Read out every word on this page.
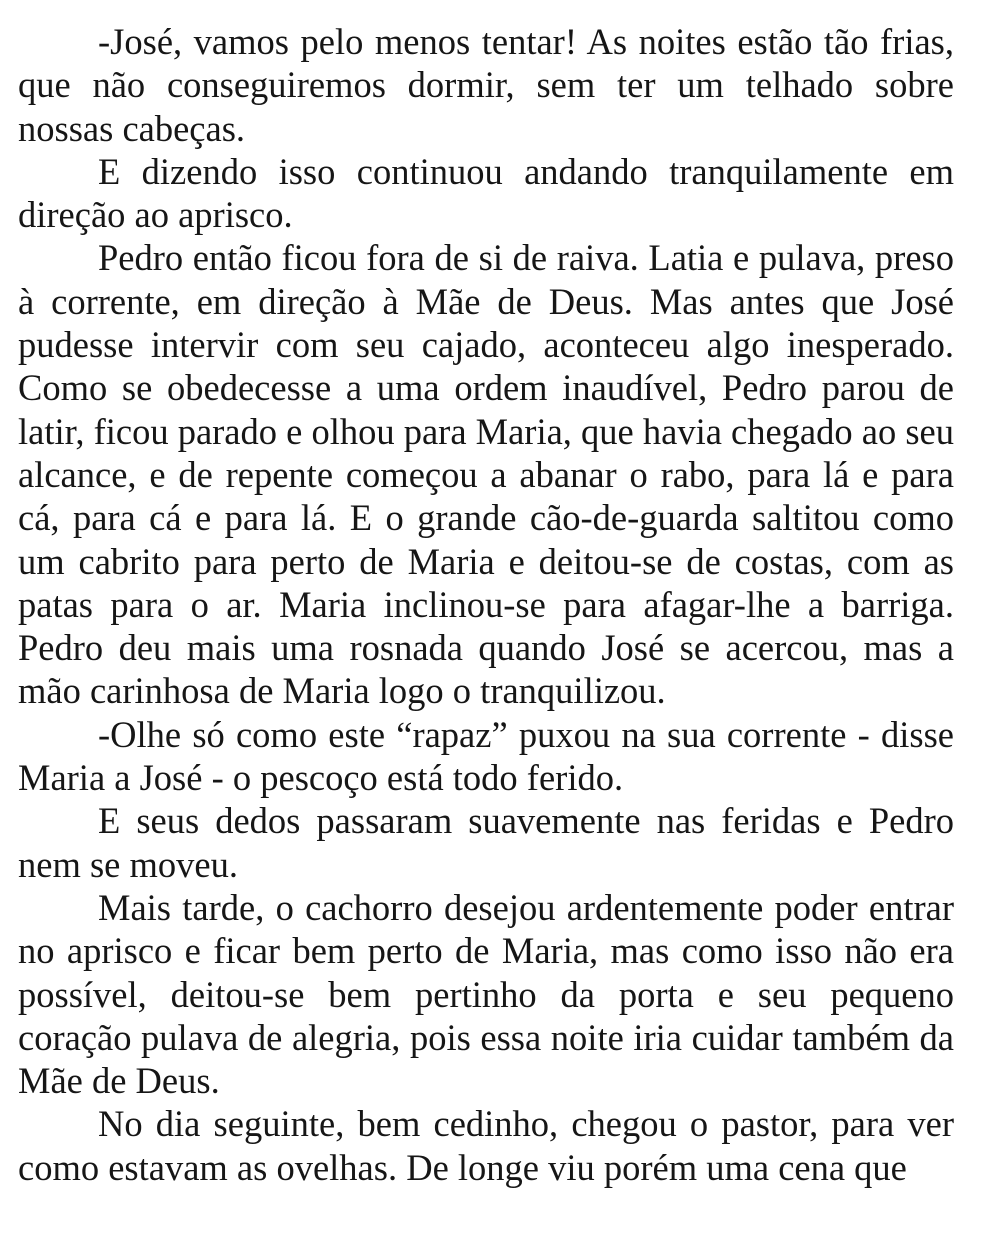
-José, vamos pelo menos tentar! As noites estão tão frias, que não conseguiremos dormir, sem ter um telhado sobre nossas cabeças.

E dizendo isso continuou andando tranquilamente em direção ao aprisco.

Pedro então ficou fora de si de raiva. Latia e pulava, preso à corrente, em direção à Mãe de Deus. Mas antes que José pudesse intervir com seu cajado, aconteceu algo inesperado. Como se obedecesse a uma ordem inaudível, Pedro parou de latir, ficou parado e olhou para Maria, que havia chegado ao seu alcance, e de repente começou a abanar o rabo, para lá e para cá, para cá e para lá. E o grande cão-de-guarda saltitou como um cabrito para perto de Maria e deitou-se de costas, com as patas para o ar. Maria inclinou-se para afagar-lhe a barriga. Pedro deu mais uma rosnada quando José se acercou, mas a mão carinhosa de Maria logo o tranquilizou.

-Olhe só como este “rapaz” puxou na sua corrente - disse Maria a José - o pescoço está todo ferido.

E seus dedos passaram suavemente nas feridas e Pedro nem se moveu.

Mais tarde, o cachorro desejou ardentemente poder entrar no aprisco e ficar bem perto de Maria, mas como isso não era possível, deitou-se bem pertinho da porta e seu pequeno coração pulava de alegria, pois essa noite iria cuidar também da Mãe de Deus.

No dia seguinte, bem cedinho, chegou o pastor, para ver como estavam as ovelhas. De longe viu porém uma cena que
